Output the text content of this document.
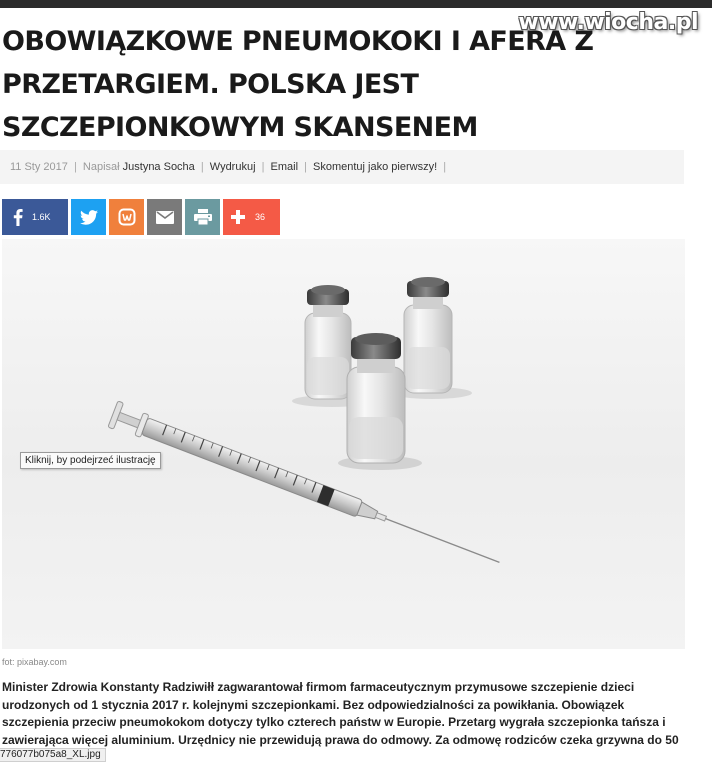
OBOWIĄZKOWE PNEUMOKOKI I AFERA Z PRZETARGIEM. POLSKA JEST SZCZEPIONKOWYM SKANSENEM
www.wiocha.pl
11 Sty 2017 | Napisał Justyna Socha | Wydrukuj | Email | Skomentuj jako pierwszy! |
1.6K	36
Kliknij, by podejrzeć ilustrację
fot: pixabay.com

Minister Zdrowia Konstanty Radziwiłł zagwarantował firmom farmaceutycznym przymusowe szczepienie dzieci urodzonych od 1 stycznia 2017 r. kolejnymi szczepionkami. Bez odpowiedzialności za powikłania. Obowiązek szczepienia przeciw pneumokokom dotyczy tylko czterech państw w Europie. Przetarg wygrała szczepionka tańsza i zawierająca więcej aluminium. Urzędnicy nie przewidują prawa do odmowy. Za odmowę rodziców czeka grzywna do 50

776077b075a8_XL.jpg
